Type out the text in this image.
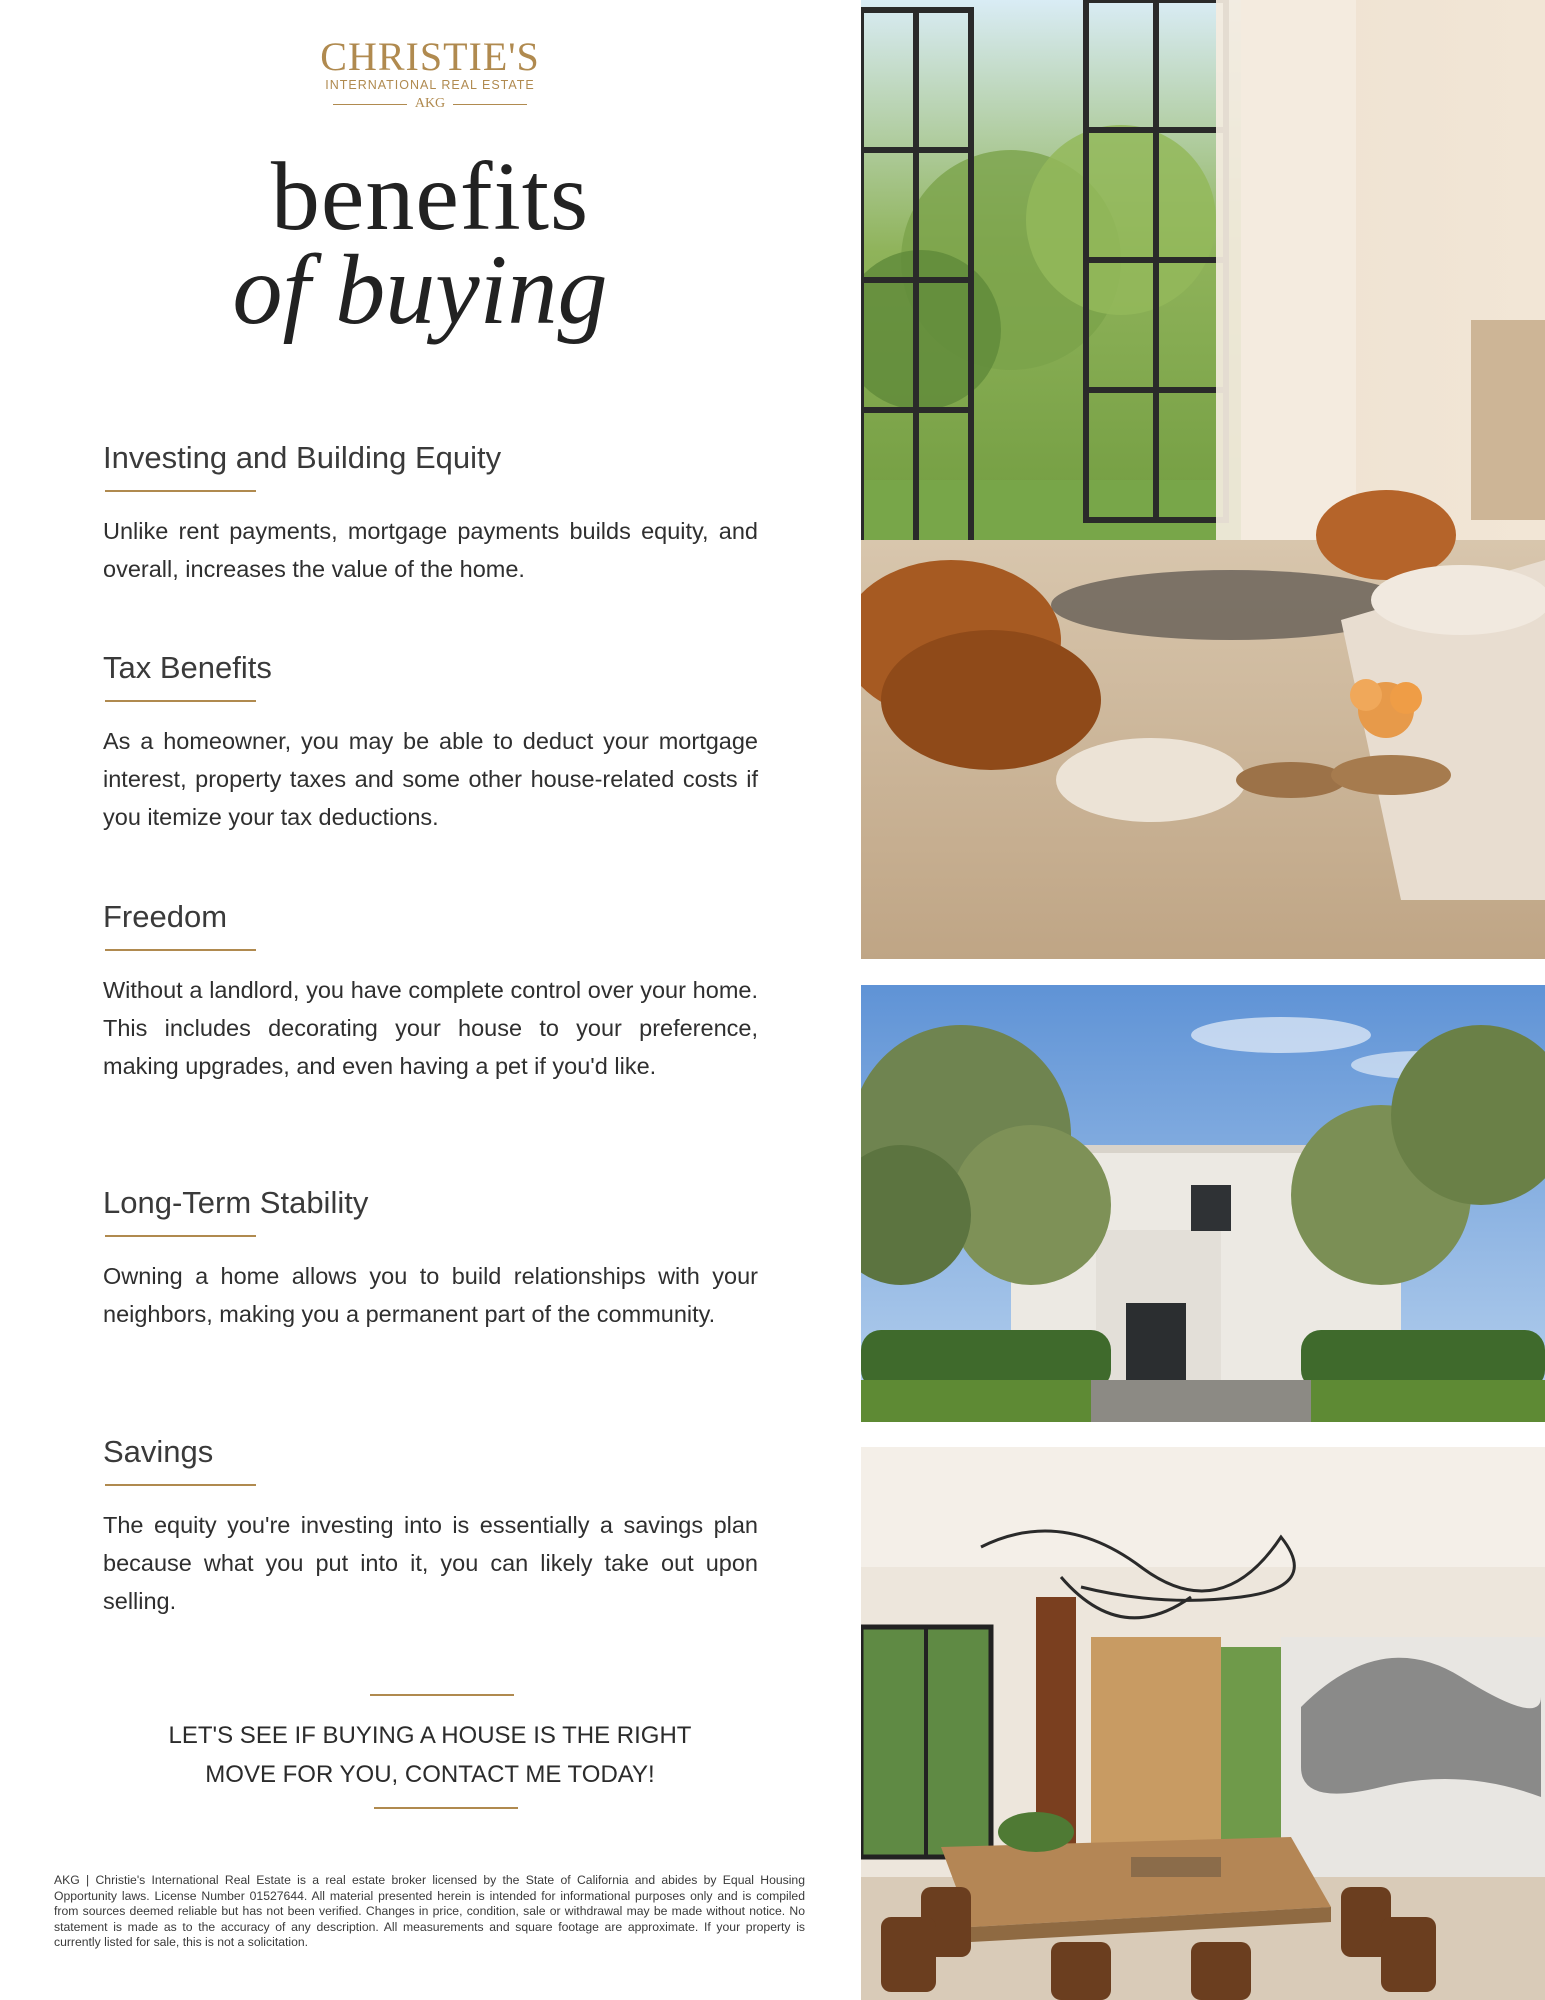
CHRISTIE'S
INTERNATIONAL REAL ESTATE
AKG
benefits
of buying
Investing and Building Equity
Unlike rent payments, mortgage payments builds equity, and overall, increases the value of the home.
Tax Benefits
As a homeowner, you may be able to deduct your mortgage interest, property taxes and some other house-related costs if you itemize your tax deductions.
Freedom
Without a landlord, you have complete control over your home. This includes decorating your house to your preference, making upgrades, and even having a pet if you'd like.
Long-Term Stability
Owning a home allows you to build relationships with your neighbors, making you a permanent part of the community.
Savings
The equity you're investing into is essentially a savings plan because what you put into it, you can likely take out upon selling.
LET'S SEE IF BUYING A HOUSE IS THE RIGHT
MOVE FOR YOU, CONTACT ME TODAY!
AKG | Christie's International Real Estate is a real estate broker licensed by the State of California and abides by Equal Housing Opportunity laws. License Number 01527644. All material presented herein is intended for informational purposes only and is compiled from sources deemed reliable but has not been verified. Changes in price, condition, sale or withdrawal may be made without notice. No statement is made as to the accuracy of any description. All measurements and square footage are approximate. If your property is currently listed for sale, this is not a solicitation.
